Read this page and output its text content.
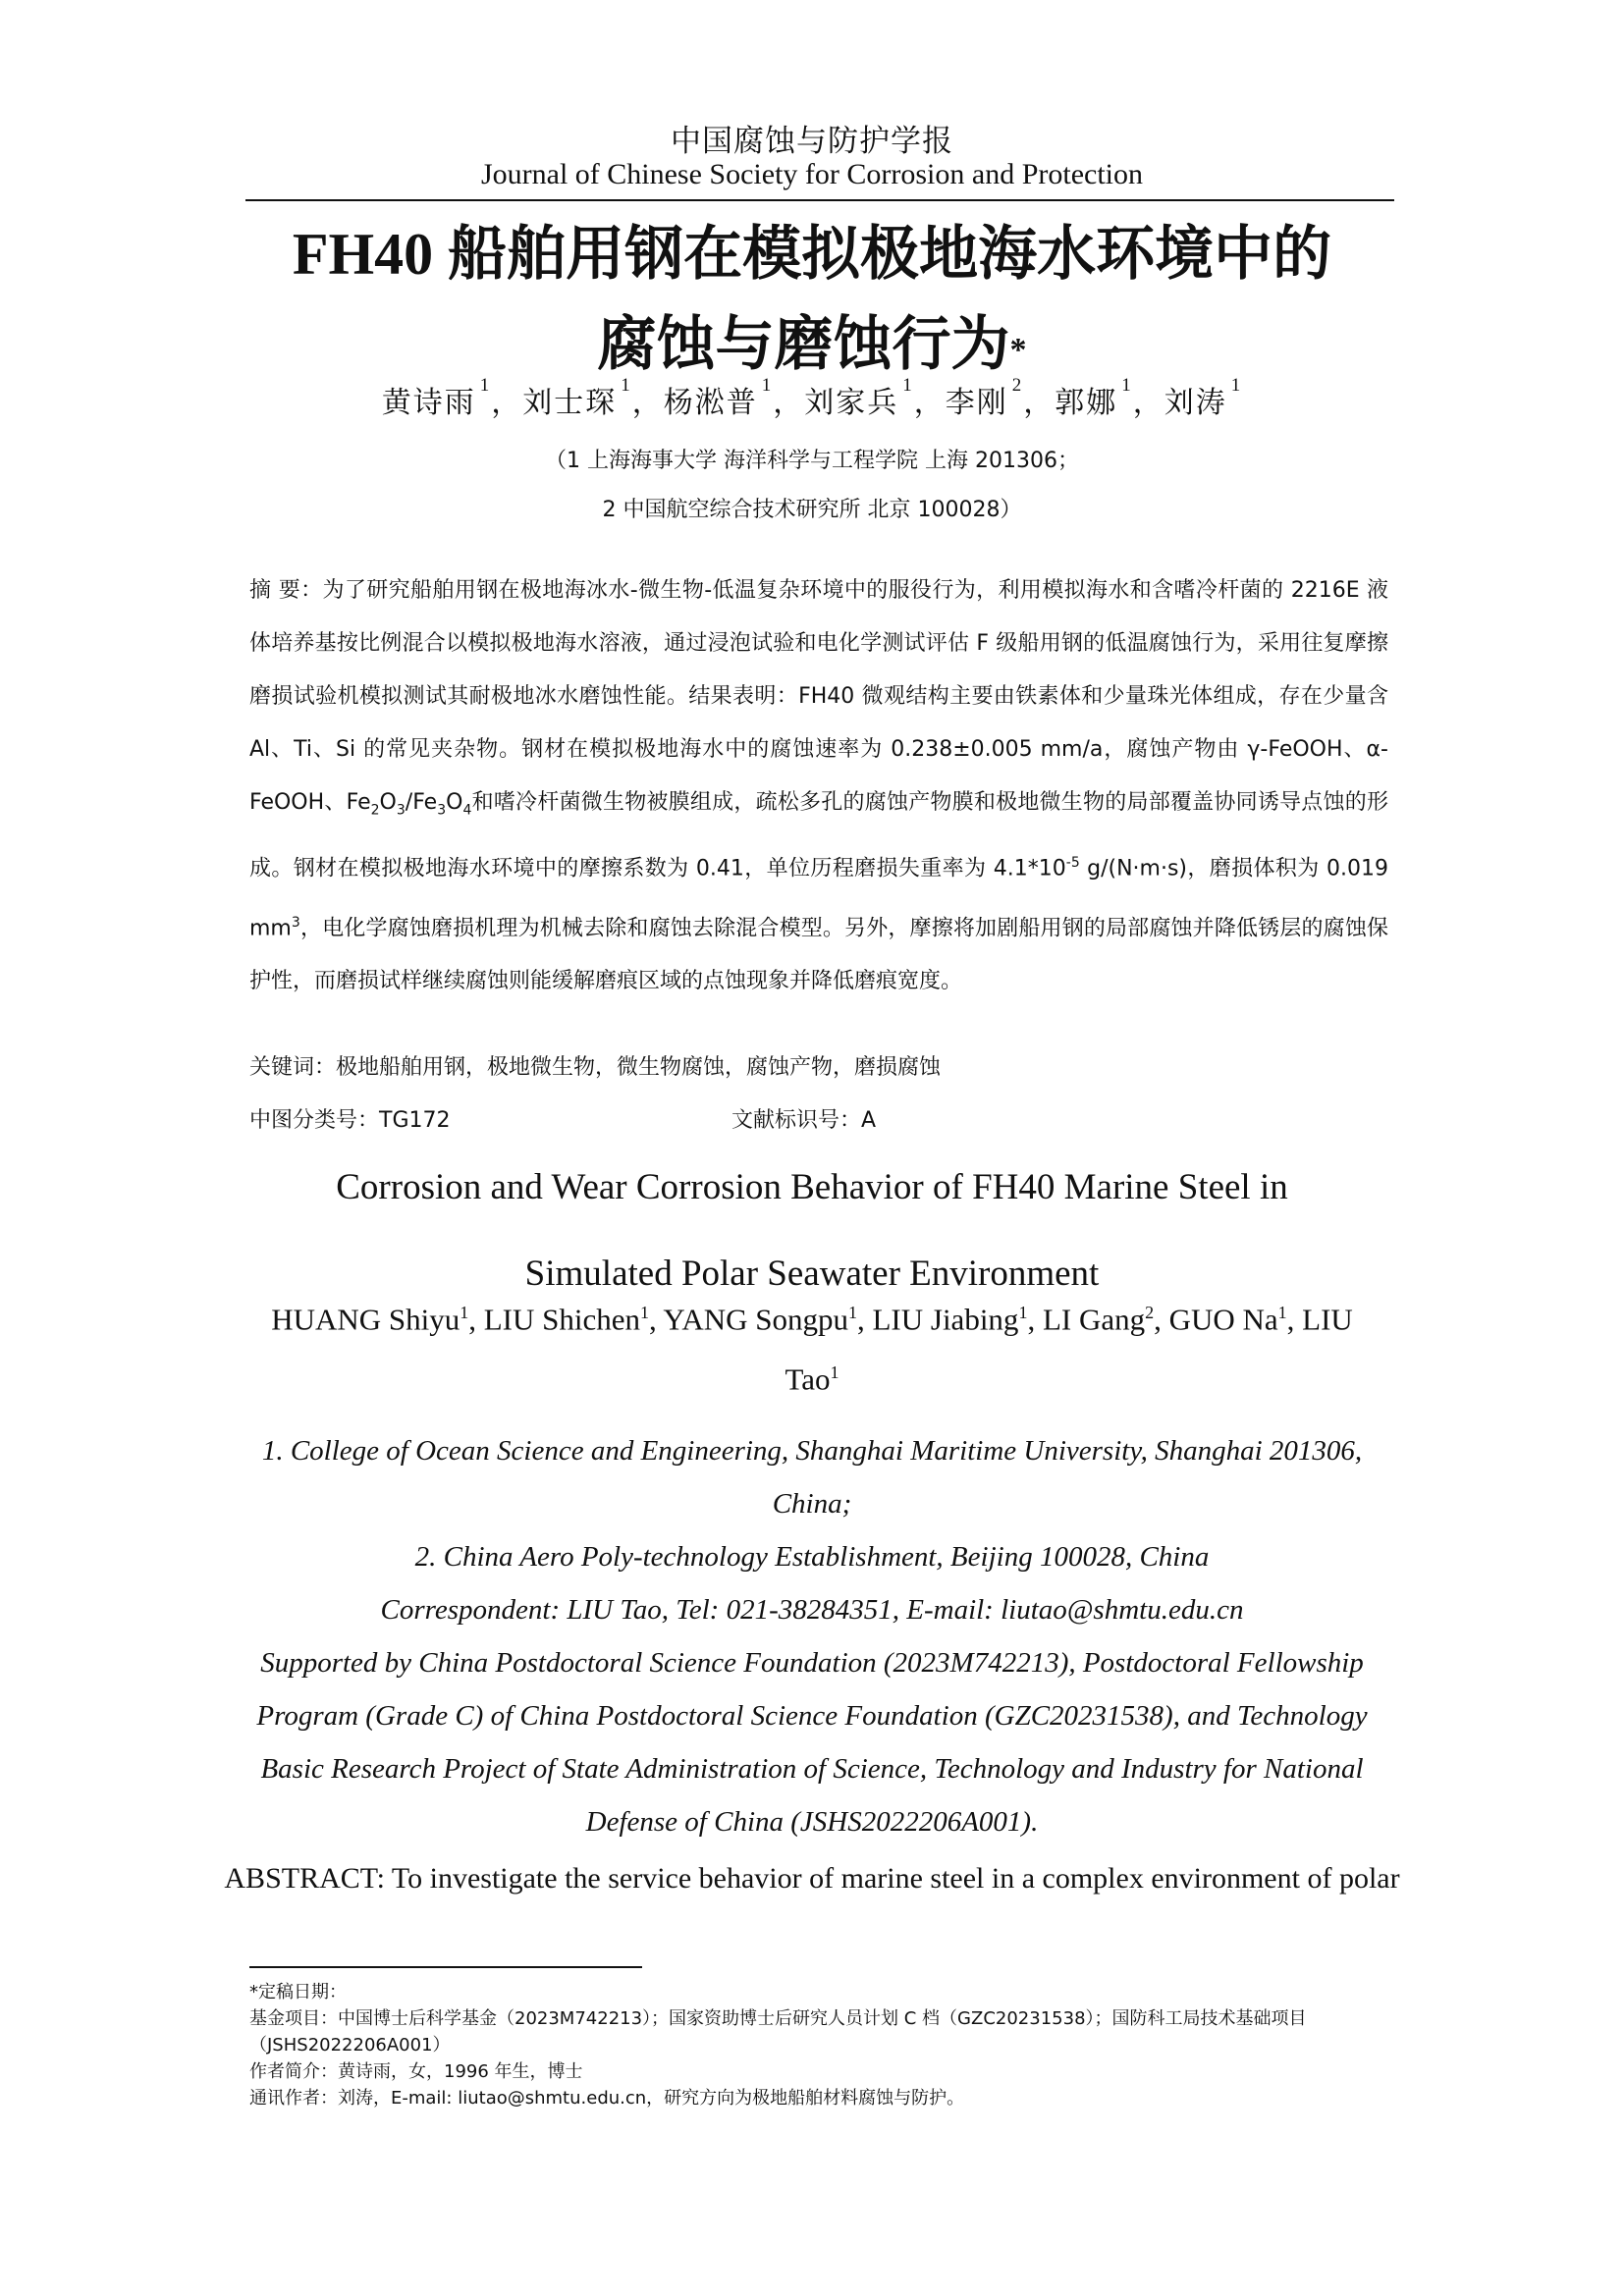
中国腐蚀与防护学报
Journal of Chinese Society for Corrosion and Protection
FH40 船舶用钢在模拟极地海水环境中的
腐蚀与磨蚀行为*
黄诗雨$^1$，刘士琛$^1$，杨淞普$^1$，刘家兵$^1$，李刚$^2$，郭娜$^1$，刘涛$^1$
（1 上海海事大学 海洋科学与工程学院 上海 201306；
2 中国航空综合技术研究所 北京 100028）

摘 要：为了研究船舶用钢在极地海冰水-微生物-低温复杂环境中的服役行为，利用模拟海水和含嗜冷杆菌的 2216E 液体培养基按比例混合以模拟极地海水溶液，通过浸泡试验和电化学测试评估 F 级船用钢的低温腐蚀行为，采用往复摩擦磨损试验机模拟测试其耐极地冰水磨蚀性能。结果表明：FH40 微观结构主要由铁素体和少量珠光体组成，存在少量含 Al、Ti、Si 的常见夹杂物。钢材在模拟极地海水中的腐蚀速率为 0.238±0.005 mm/a，腐蚀产物由 γ-FeOOH、α-FeOOH、$Fe_2O_3/Fe_3O_4$和嗜冷杆菌微生物被膜组成，疏松多孔的腐蚀产物膜和极地微生物的局部覆盖协同诱导点蚀的形成。钢材在模拟极地海水环境中的摩擦系数为 0.41，单位历程磨损失重率为 $4.1*10^{-5}$ g/(N·m·s)，磨损体积为 0.019 $mm^3$，电化学腐蚀磨损机理为机械去除和腐蚀去除混合模型。另外，摩擦将加剧船用钢的局部腐蚀并降低锈层的腐蚀保护性，而磨损试样继续腐蚀则能缓解磨痕区域的点蚀现象并降低磨痕宽度。

关键词：极地船舶用钢，极地微生物，微生物腐蚀，腐蚀产物，磨损腐蚀
中图分类号：TG172	文献标识号：A
Corrosion and Wear Corrosion Behavior of FH40 Marine Steel in
Simulated Polar Seawater Environment

HUANG Shiyu$^1$, LIU Shichen$^1$, YANG Songpu$^1$, LIU Jiabing$^1$, LI Gang$^2$, GUO Na$^1$, LIU Tao$^1$

1. College of Ocean Science and Engineering, Shanghai Maritime University, Shanghai 201306, China;

2. China Aero Poly-technology Establishment, Beijing 100028, China

Correspondent: LIU Tao, Tel: 021-38284351, E-mail: liutao@shmtu.edu.cn

Supported by China Postdoctoral Science Foundation (2023M742213), Postdoctoral Fellowship Program (Grade C) of China Postdoctoral Science Foundation (GZC20231538), and Technology Basic Research Project of State Administration of Science, Technology and Industry for National Defense of China (JSHS2022206A001).

ABSTRACT: To investigate the service behavior of marine steel in a complex environment of polar
*定稿日期：
基金项目：中国博士后科学基金（2023M742213）；国家资助博士后研究人员计划 C 档（GZC20231538）；国防科工局技术基础项目（JSHS2022206A001）
作者简介：黄诗雨，女，1996 年生，博士
通讯作者：刘涛，E-mail: liutao@shmtu.edu.cn，研究方向为极地船舶材料腐蚀与防护。
